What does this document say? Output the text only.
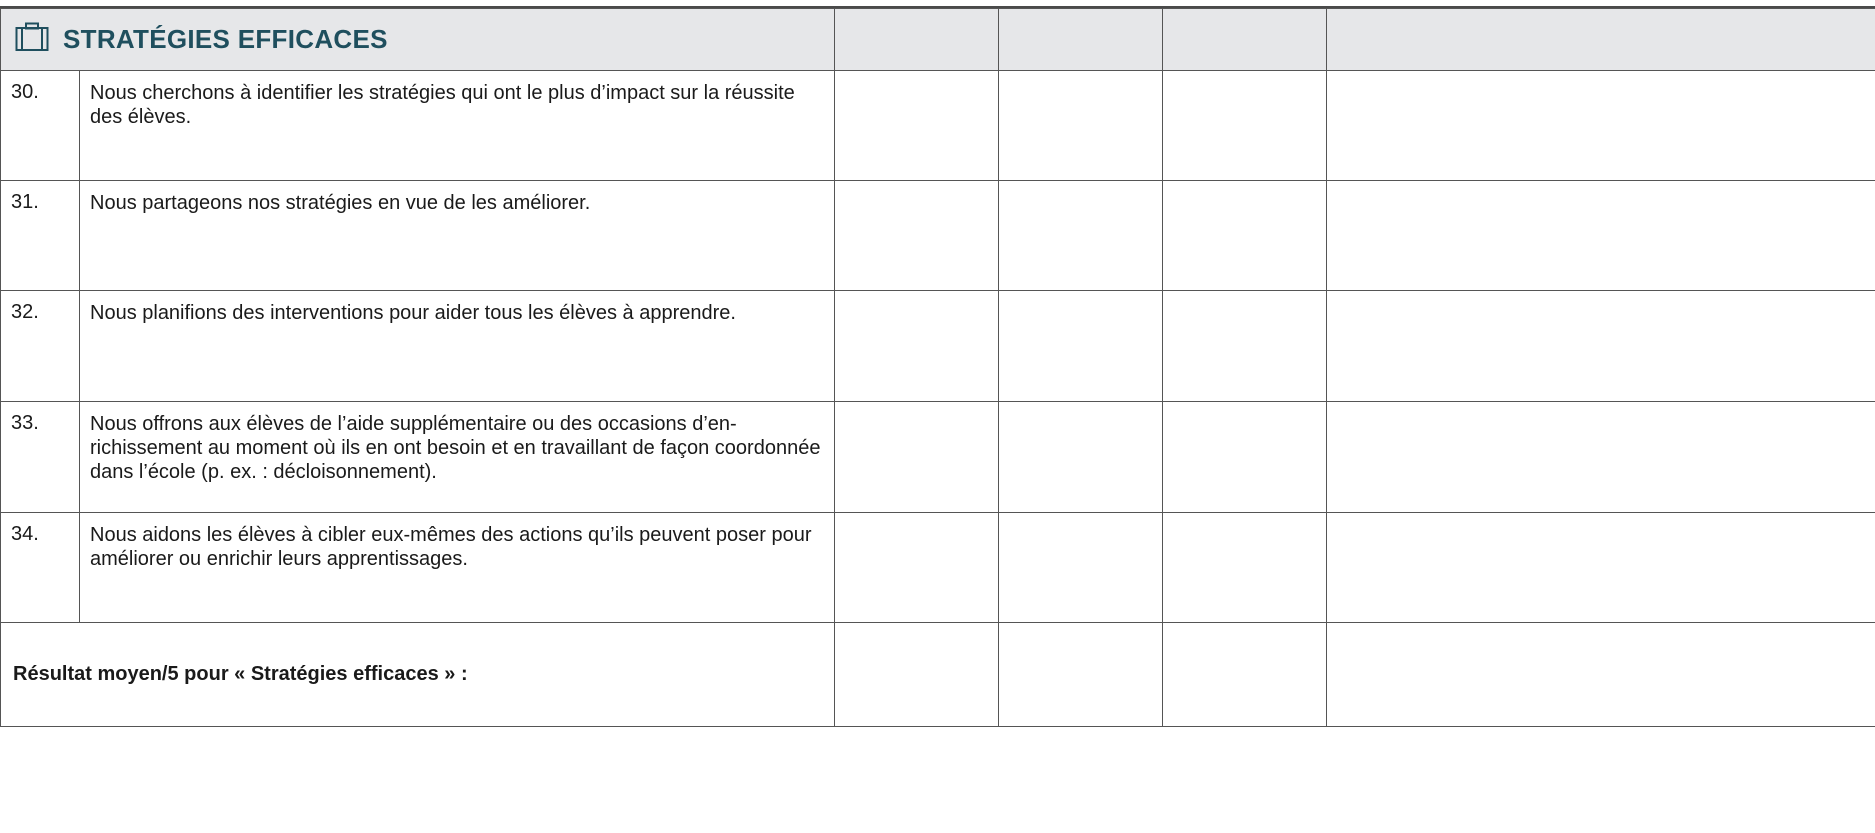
STRATÉGIES EFFICACES					

30.	Nous cherchons à identifier les stratégies qui ont le plus d’impact sur la réussite des élèves.				
31.	Nous partageons nos stratégies en vue de les améliorer.				
32.	Nous planifions des interventions pour aider tous les élèves à apprendre.				
33.	Nous offrons aux élèves de l’aide supplémentaire ou des occasions d’en-richissement au moment où ils en ont besoin et en travaillant de façon coordonnée dans l’école (p. ex. : décloisonnement).				
34.	Nous aidons les élèves à cibler eux-mêmes des actions qu’ils peuvent poser pour améliorer ou enrichir leurs apprentissages.				
Résultat moyen/5 pour « Stratégies efficaces » :					
